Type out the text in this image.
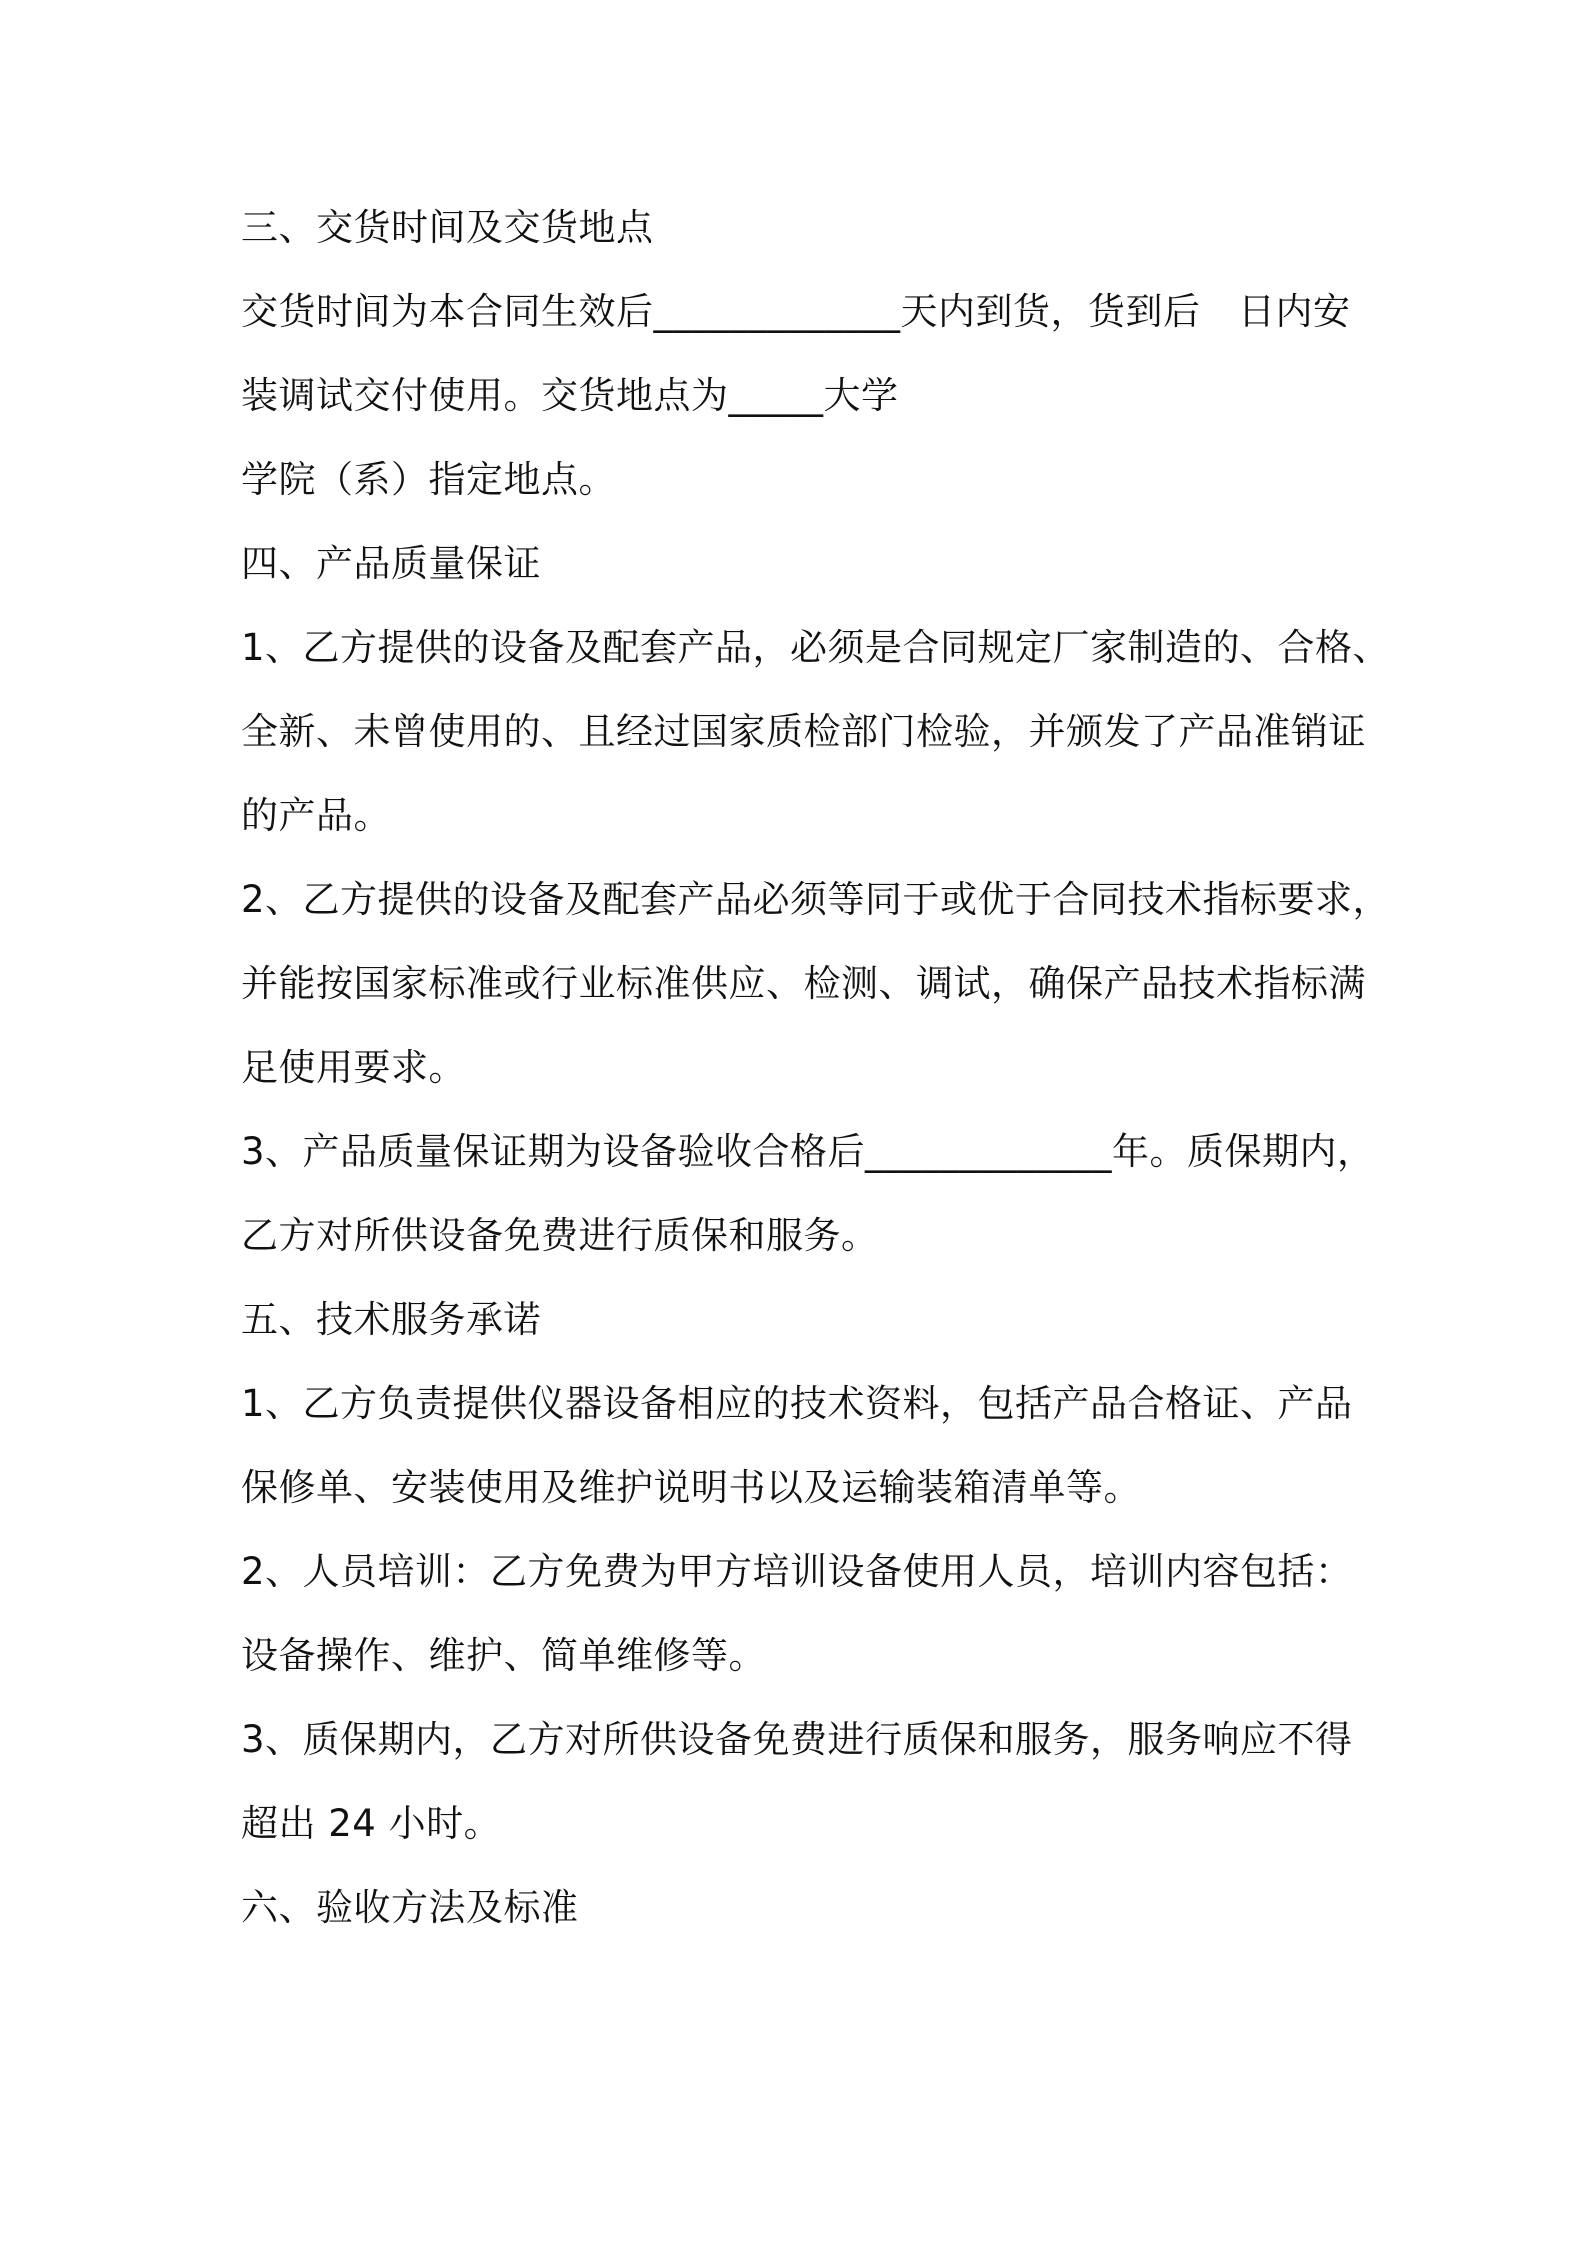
三、交货时间及交货地点

交货时间为本合同生效后_____________天内到货，货到后　日内安

装调试交付使用。交货地点为_____大学

学院（系）指定地点。

四、产品质量保证

1、乙方提供的设备及配套产品，必须是合同规定厂家制造的、合格、

全新、未曾使用的、且经过国家质检部门检验，并颁发了产品准销证

的产品。

2、乙方提供的设备及配套产品必须等同于或优于合同技术指标要求，

并能按国家标准或行业标准供应、检测、调试，确保产品技术指标满

足使用要求。

3、产品质量保证期为设备验收合格后_____________年。质保期内，

乙方对所供设备免费进行质保和服务。

五、技术服务承诺

1、乙方负责提供仪器设备相应的技术资料，包括产品合格证、产品

保修单、安装使用及维护说明书以及运输装箱清单等。

2、人员培训：乙方免费为甲方培训设备使用人员，培训内容包括：

设备操作、维护、简单维修等。

3、质保期内，乙方对所供设备免费进行质保和服务，服务响应不得

超出 24 小时。

六、验收方法及标准
